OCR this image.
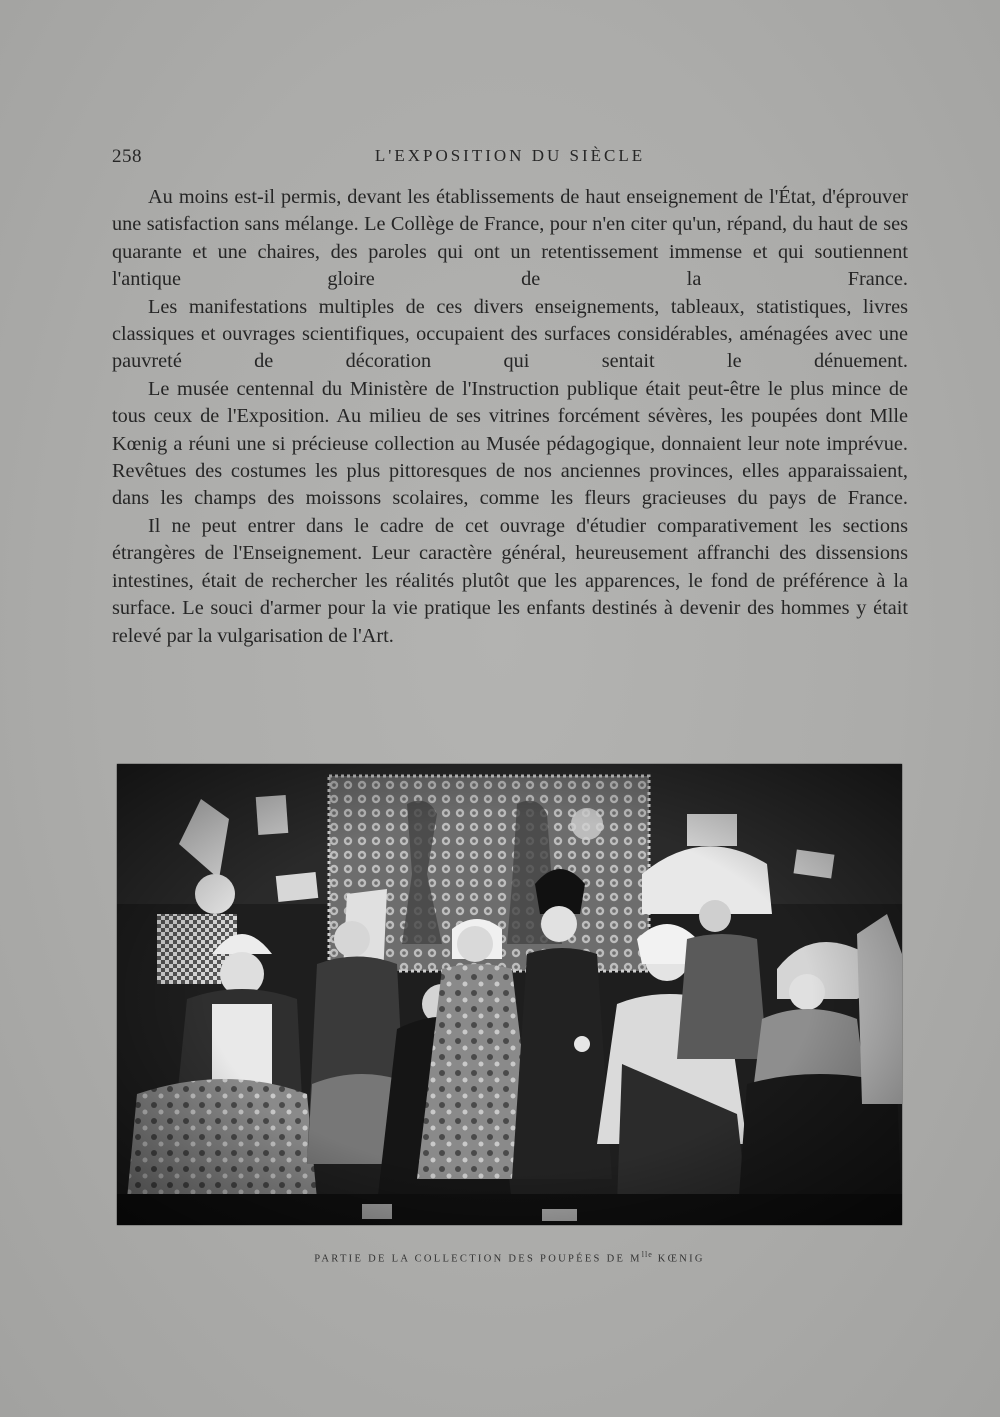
258	L'EXPOSITION DU SIÈCLE

Au moins est-il permis, devant les établissements de haut enseignement de l'État, d'éprouver une satisfaction sans mélange. Le Collège de France, pour n'en citer qu'un, répand, du haut de ses quarante et une chaires, des paroles qui ont un retentissement immense et qui soutiennent l'antique gloire de la France.

Les manifestations multiples de ces divers enseignements, tableaux, statistiques, livres classiques et ouvrages scientifiques, occupaient des surfaces considérables, aménagées avec une pauvreté de décoration qui sentait le dénuement.

Le musée centennal du Ministère de l'Instruction publique était peut-être le plus mince de tous ceux de l'Exposition. Au milieu de ses vitrines forcément sévères, les poupées dont Mlle Kœnig a réuni une si précieuse collection au Musée pédagogique, donnaient leur note imprévue. Revêtues des costumes les plus pittoresques de nos anciennes provinces, elles apparaissaient, dans les champs des moissons scolaires, comme les fleurs gracieuses du pays de France.

Il ne peut entrer dans le cadre de cet ouvrage d'étudier comparativement les sections étrangères de l'Enseignement. Leur caractère général, heureusement affranchi des dissensions intestines, était de rechercher les réalités plutôt que les apparences, le fond de préférence à la surface. Le souci d'armer pour la vie pratique les enfants destinés à devenir des hommes y était relevé par la vulgarisation de l'Art.

PARTIE DE LA COLLECTION DES POUPÉES DE $M^{lle}$ KŒNIG
